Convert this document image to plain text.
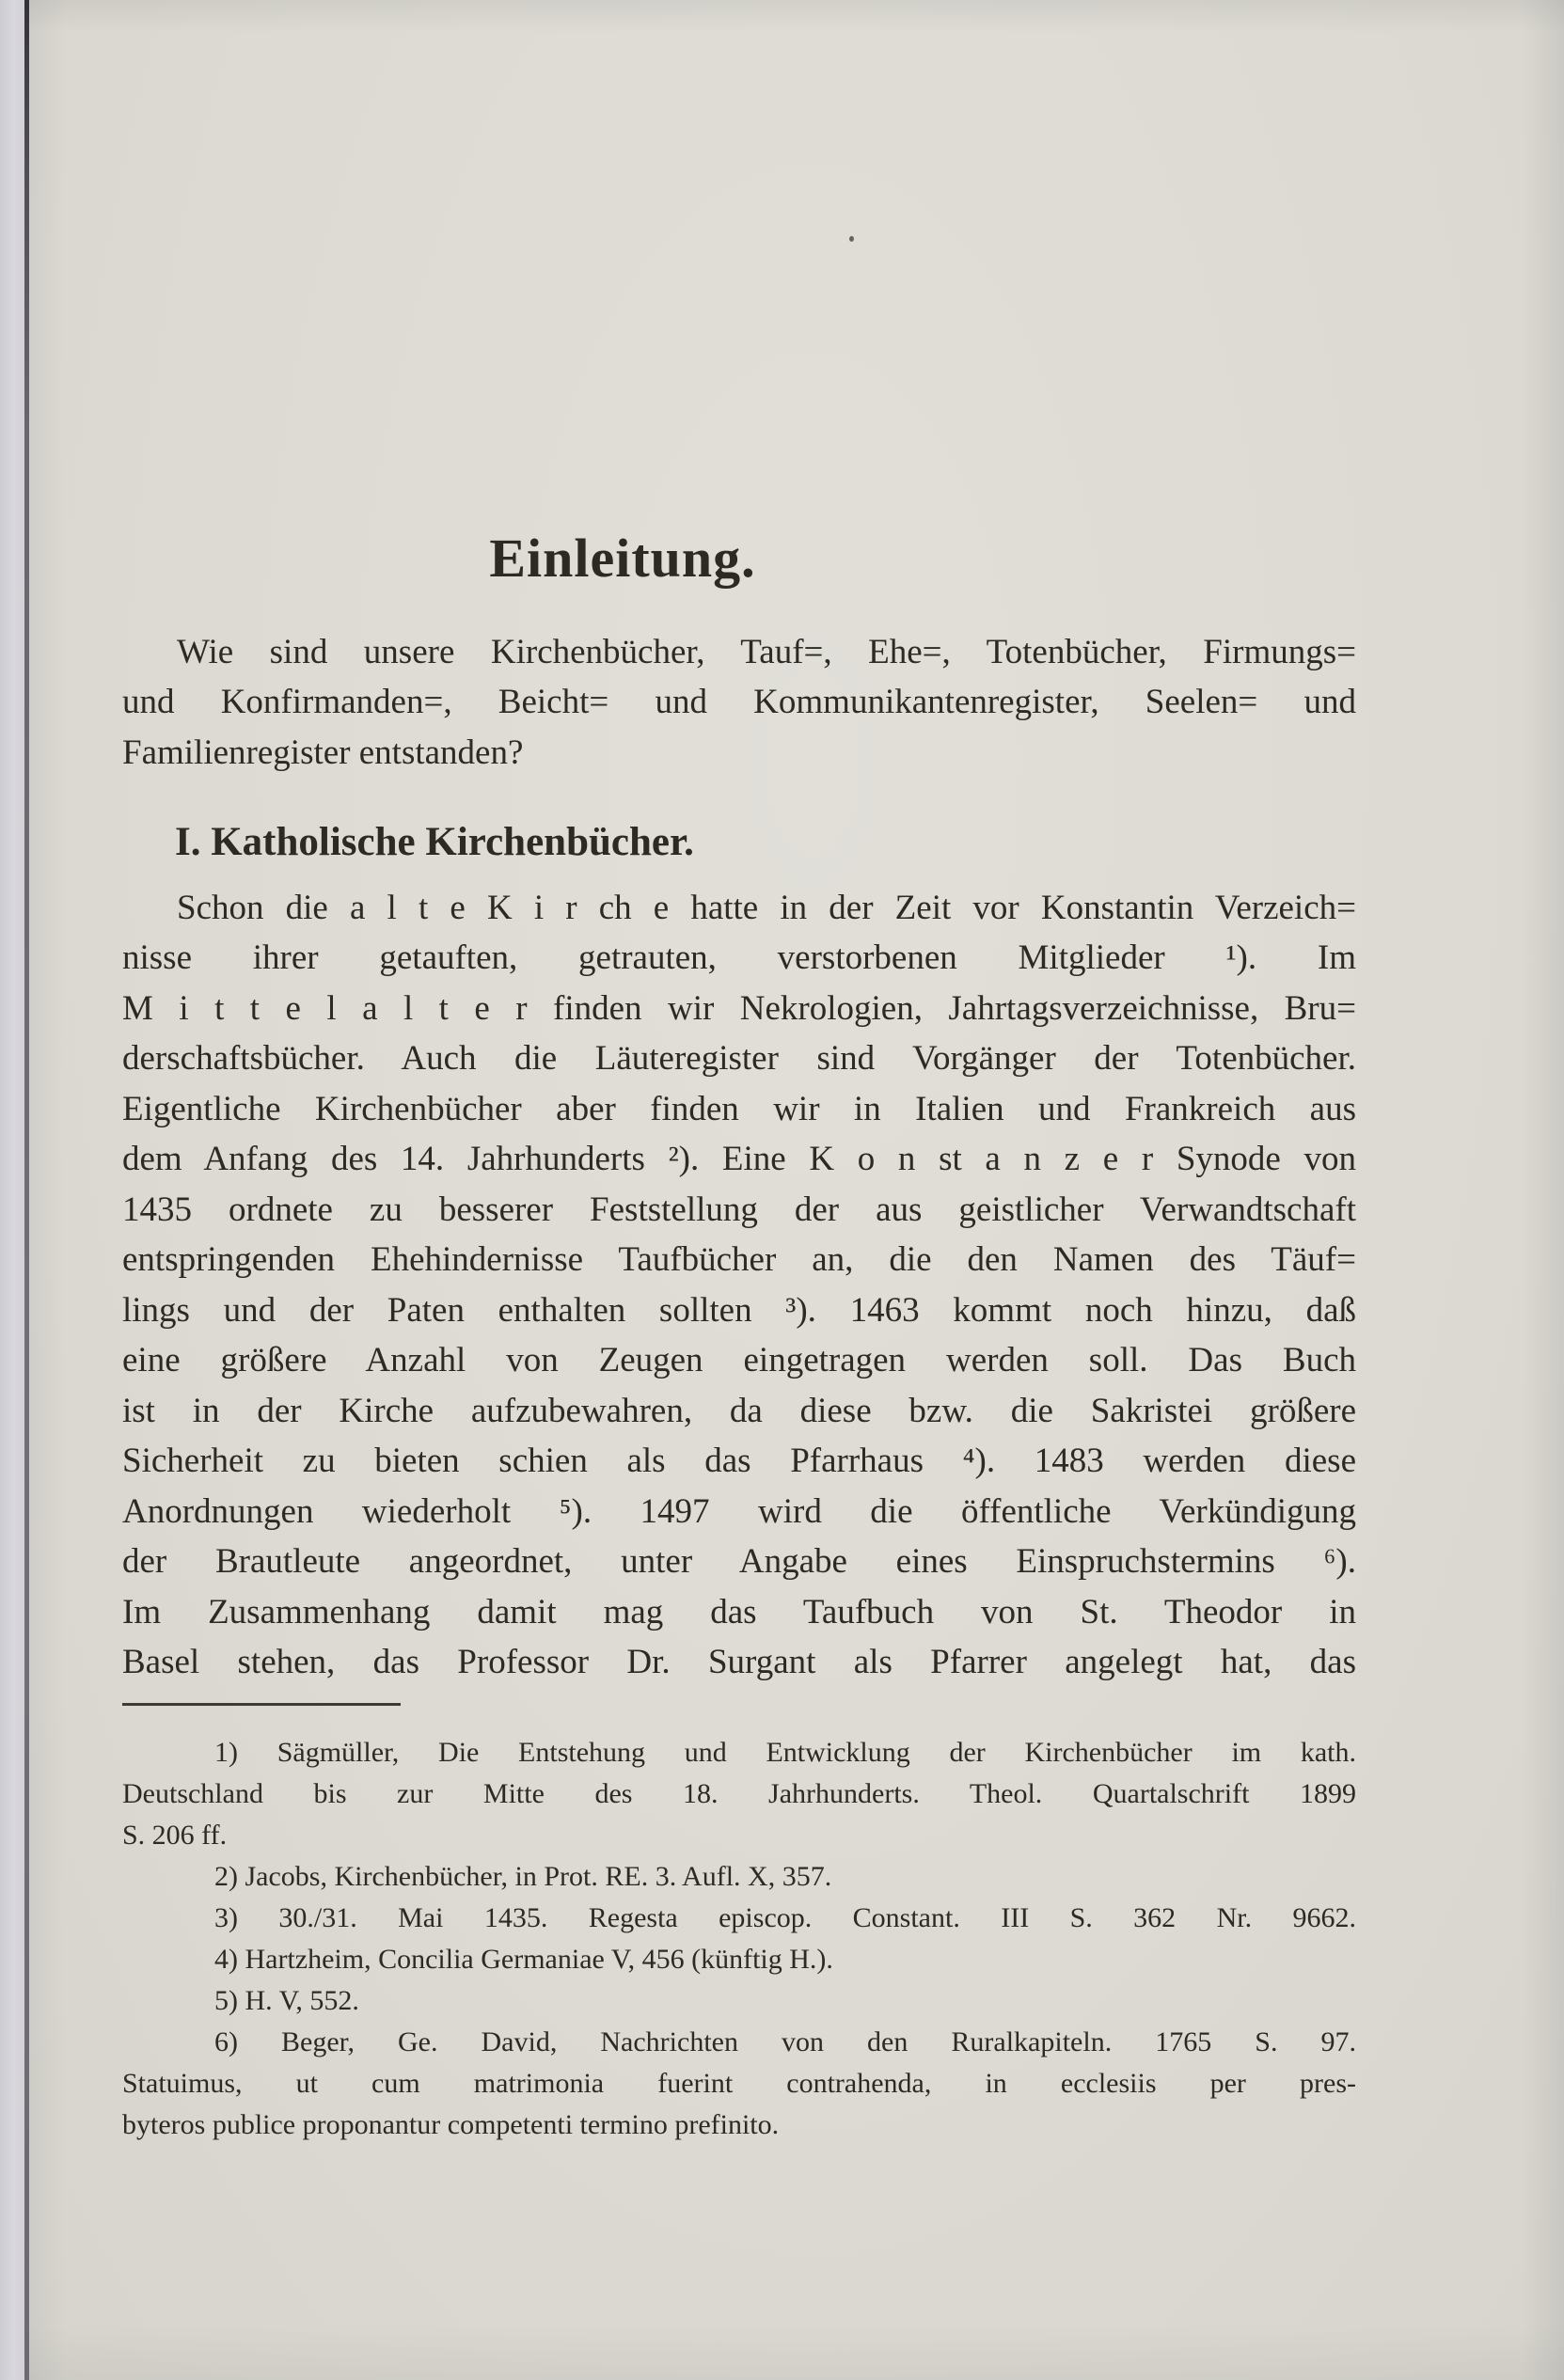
Einleitung.
Wie sind unsere Kirchenbücher, Tauf=, Ehe=, Totenbücher, Firmungs=
und Konfirmanden=, Beicht= und Kommunikantenregister, Seelen= und
Familienregister entstanden?
I. Katholische Kirchenbücher.
Schon die a l t e K i r ch e hatte in der Zeit vor Konstantin Verzeich=
nisse ihrer getauften, getrauten, verstorbenen Mitglieder ¹). Im
M i t t e l a l t e r finden wir Nekrologien, Jahrtagsverzeichnisse, Bru=
derschaftsbücher. Auch die Läuteregister sind Vorgänger der Totenbücher.
Eigentliche Kirchenbücher aber finden wir in Italien und Frankreich aus
dem Anfang des 14. Jahrhunderts ²). Eine K o n st a n z e r Synode von
1435 ordnete zu besserer Feststellung der aus geistlicher Verwandtschaft
entspringenden Ehehindernisse Taufbücher an, die den Namen des Täuf=
lings und der Paten enthalten sollten ³). 1463 kommt noch hinzu, daß
eine größere Anzahl von Zeugen eingetragen werden soll. Das Buch
ist in der Kirche aufzubewahren, da diese bzw. die Sakristei größere
Sicherheit zu bieten schien als das Pfarrhaus ⁴). 1483 werden diese
Anordnungen wiederholt ⁵). 1497 wird die öffentliche Verkündigung
der Brautleute angeordnet, unter Angabe eines Einspruchstermins ⁶).
Im Zusammenhang damit mag das Taufbuch von St. Theodor in
Basel stehen, das Professor Dr. Surgant als Pfarrer angelegt hat, das
1) Sägmüller, Die Entstehung und Entwicklung der Kirchenbücher im kath.
Deutschland bis zur Mitte des 18. Jahrhunderts. Theol. Quartalschrift 1899
S. 206 ff.
2) Jacobs, Kirchenbücher, in Prot. RE. 3. Aufl. X, 357.
3) 30./31. Mai 1435. Regesta episcop. Constant. III S. 362 Nr. 9662.
4) Hartzheim, Concilia Germaniae V, 456 (künftig H.).
5) H. V, 552.
6) Beger, Ge. David, Nachrichten von den Ruralkapiteln. 1765 S. 97.
Statuimus, ut cum matrimonia fuerint contrahenda, in ecclesiis per pres-
byteros publice proponantur competenti termino prefinito.
